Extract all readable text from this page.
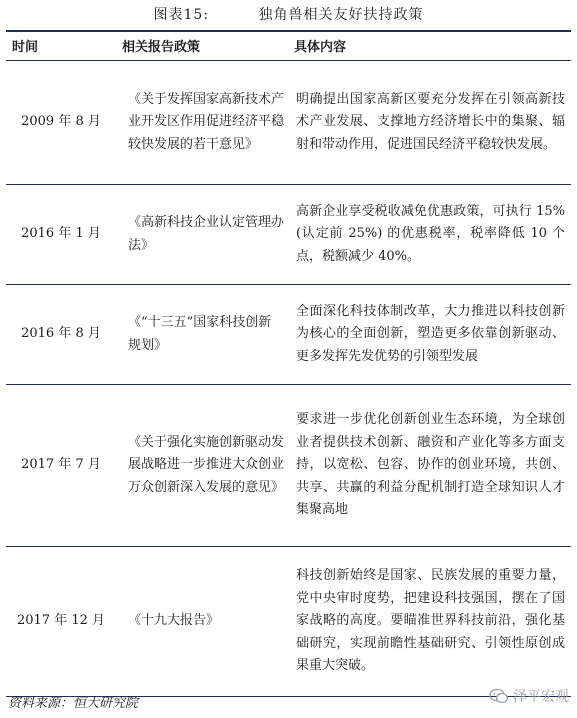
图表15:	独角兽相关友好扶持政策
时间	相关报告政策	具体内容
2009 年 8 月	《关于发挥国家高新技术产业开发区作用促进经济平稳较快发展的若干意见》	明确提出国家高新区要充分发挥在引领高新技术产业发展、支撑地方经济增长中的集聚、辐射和带动作用，促进国民经济平稳较快发展。
2016 年 1 月	《高新科技企业认定管理办法》	高新企业享受税收减免优惠政策，可执行 15%(认定前 25%) 的优惠税率，税率降低 10 个点，税额减少 40%。
2016 年 8 月	《“十三五”国家科技创新规划》	全面深化科技体制改革，大力推进以科技创新为核心的全面创新，塑造更多依靠创新驱动、更多发挥先发优势的引领型发展
2017 年 7 月	《关于强化实施创新驱动发展战略进一步推进大众创业万众创新深入发展的意见》	要求进一步优化创新创业生态环境，为全球创业者提供技术创新、融资和产业化等多方面支持，以宽松、包容、协作的创业环境，共创、共享、共赢的利益分配机制打造全球知识人才集聚高地
2017 年 12 月	《十九大报告》	科技创新始终是国家、民族发展的重要力量，党中央审时度势，把建设科技强国，摆在了国家战略的高度。要瞄准世界科技前沿，强化基础研究，实现前瞻性基础研究、引领性原创成果重大突破。
资料来源：恒大研究院	泽平宏观
